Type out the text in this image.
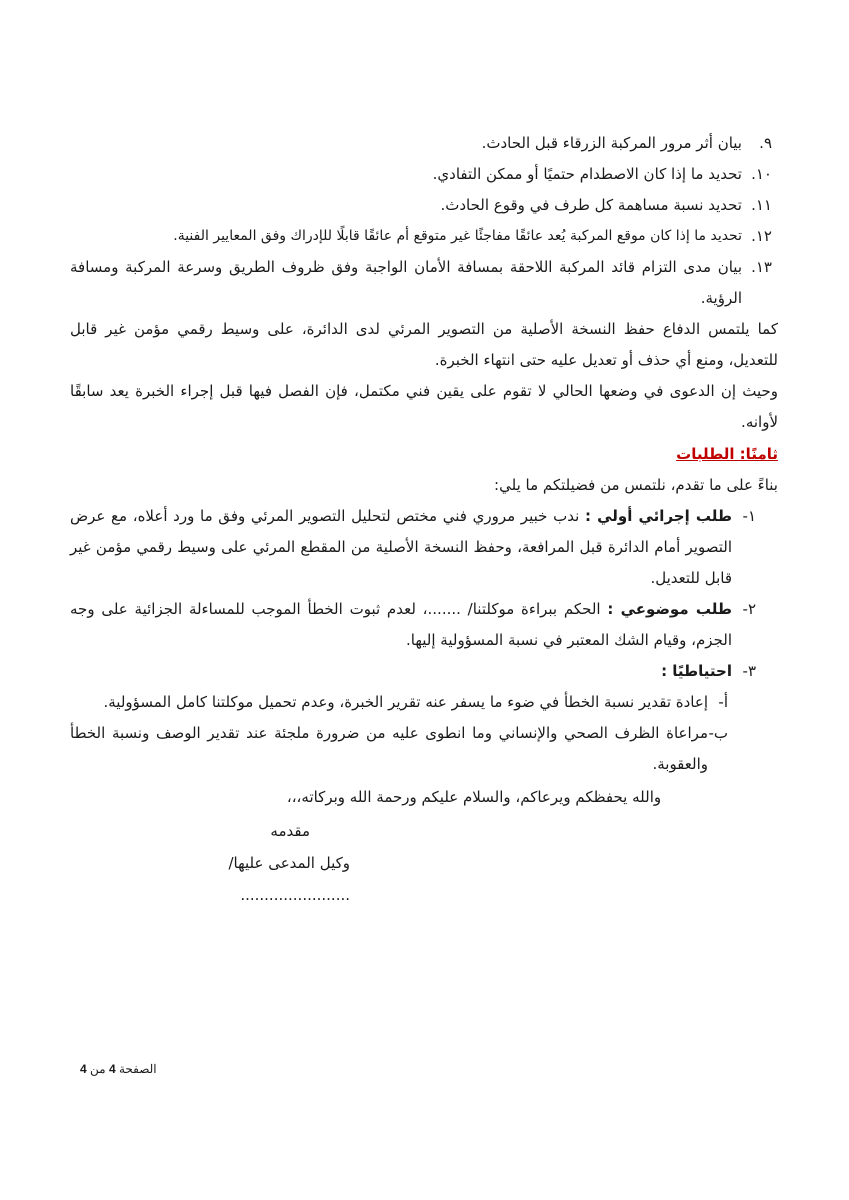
٩.
بيان أثر مرور المركبة الزرقاء قبل الحادث.
١٠.
تحديد ما إذا كان الاصطدام حتميًا أو ممكن التفادي.
١١.
تحديد نسبة مساهمة كل طرف في وقوع الحادث.
١٢.
تحديد ما إذا كان موقع المركبة يُعد عائقًا مفاجئًا غير متوقع أم عائقًا قابلًا للإدراك وفق المعايير الفنية.
١٣.
بيان مدى التزام قائد المركبة اللاحقة بمسافة الأمان الواجبة وفق ظروف الطريق وسرعة المركبة ومسافة الرؤية.

كما يلتمس الدفاع حفظ النسخة الأصلية من التصوير المرئي لدى الدائرة، على وسيط رقمي مؤمن غير قابل للتعديل، ومنع أي حذف أو تعديل عليه حتى انتهاء الخبرة.

وحيث إن الدعوى في وضعها الحالي لا تقوم على يقين فني مكتمل، فإن الفصل فيها قبل إجراء الخبرة يعد سابقًا لأوانه.

ثامنًا: الطلبات
بناءً على ما تقدم، نلتمس من فضيلتكم ما يلي:
١-
طلب إجرائي أولي : ندب خبير مروري فني مختص لتحليل التصوير المرئي وفق ما ورد أعلاه، مع عرض التصوير أمام الدائرة قبل المرافعة، وحفظ النسخة الأصلية من المقطع المرئي على وسيط رقمي مؤمن غير قابل للتعديل.
٢-
طلب موضوعي : الحكم ببراءة موكلتنا/ .......، لعدم ثبوت الخطأ الموجب للمساءلة الجزائية على وجه الجزم، وقيام الشك المعتبر في نسبة المسؤولية إليها.
٣-
احتياطيًا :
أ-
إعادة تقدير نسبة الخطأ في ضوء ما يسفر عنه تقرير الخبرة، وعدم تحميل موكلتنا كامل المسؤولية.
ب-
مراعاة الظرف الصحي والإنساني وما انطوى عليه من ضرورة ملجئة عند تقدير الوصف ونسبة الخطأ والعقوبة.
والله يحفظكم ويرعاكم، والسلام عليكم ورحمة الله وبركاته،،،
مقدمه
وكيل المدعى عليها/
.......................
الصفحة 4 من 4
